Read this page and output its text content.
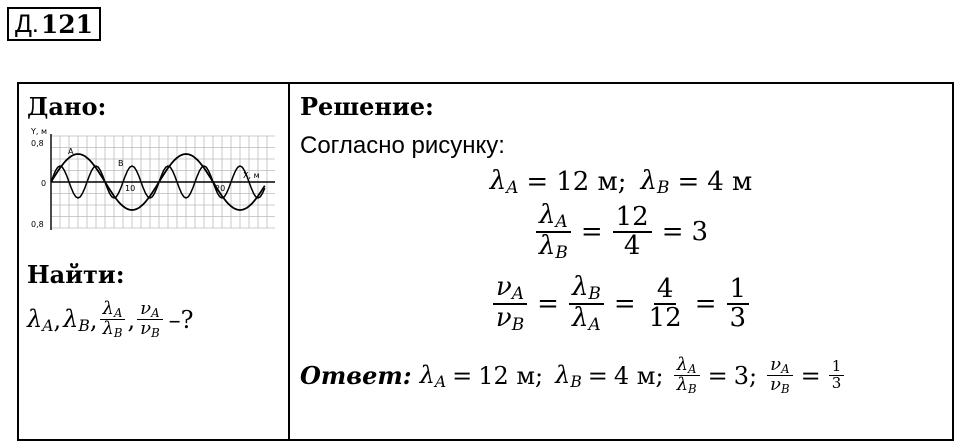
Д. 121
Дано:
Y, м
0,8
0,8
0
10	20
X, м
A
B
Найти:
$\lambda_A$ , $\lambda_B$ , $\frac{\lambda_A}{\lambda_B}$ , $\frac{\nu_A}{\nu_B}$ –?
Решение:
Согласно рисунку:
$\lambda_A = 12$ м; $\lambda_B = 4$ м
$\frac{\lambda_A}{\lambda_B} = \frac{12}{4} = 3$
$\frac{\nu_A}{\nu_B} = \frac{\lambda_B}{\lambda_A} = \frac{4}{12} = \frac{1}{3}$
Ответ: $\lambda_A = 12$ м; $\lambda_B = 4$ м; $\frac{\lambda_A}{\lambda_B} = 3$; $\frac{\nu_A}{\nu_B} = \frac{1}{3}$
